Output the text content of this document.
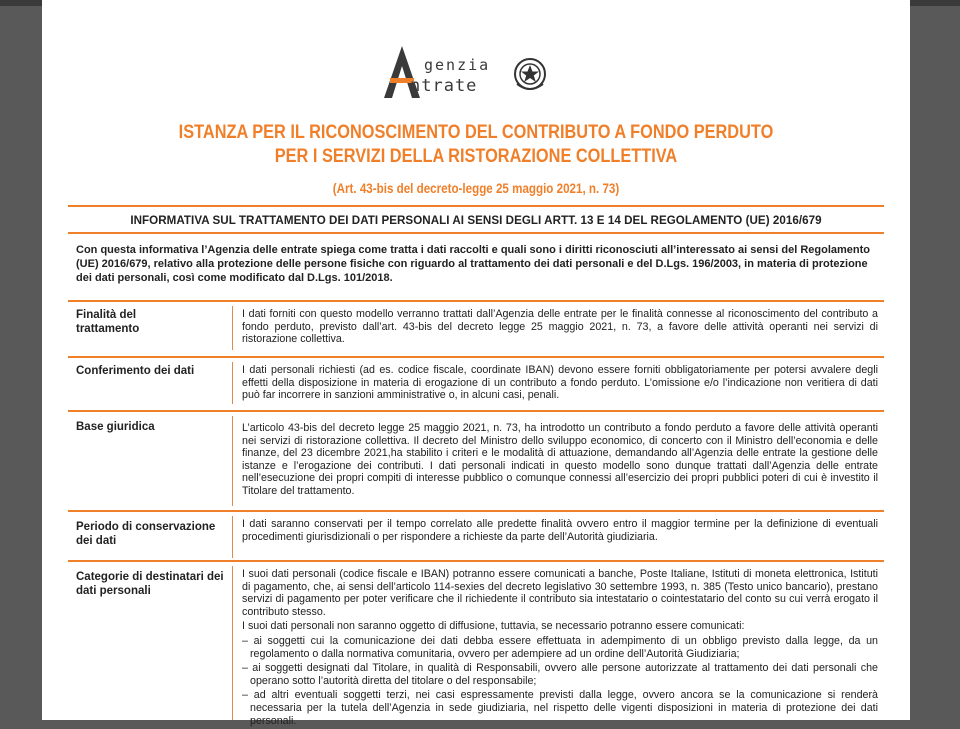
genzia
ntrate
ISTANZA PER IL RICONOSCIMENTO DEL CONTRIBUTO A FONDO PERDUTO
PER I SERVIZI DELLA RISTORAZIONE COLLETTIVA
(Art. 43-bis del decreto-legge 25 maggio 2021, n. 73)
INFORMATIVA SUL TRATTAMENTO DEI DATI PERSONALI AI SENSI DEGLI ARTT. 13 E 14 DEL REGOLAMENTO (UE) 2016/679
Con questa informativa l’Agenzia delle entrate spiega come tratta i dati raccolti e quali sono i diritti riconosciuti all’interessato ai sensi del Regolamento (UE) 2016/679, relativo alla protezione delle persone fisiche con riguardo al trattamento dei dati personali e del D.Lgs. 196/2003, in materia di protezione dei dati personali, così come modificato dal D.Lgs. 101/2018.
Finalità del trattamento
I dati forniti con questo modello verranno trattati dall’Agenzia delle entrate per le finalità connesse al riconoscimento del contributo a fondo perduto, previsto dall’art. 43-bis del decreto legge 25 maggio 2021, n. 73, a favore delle attività operanti nei servizi di ristorazione collettiva.
Conferimento dei dati	I dati personali richiesti (ad es. codice fiscale, coordinate IBAN) devono essere forniti obbligatoriamente per potersi avvalere degli effetti della disposizione in materia di erogazione di un contributo a fondo perduto. L’omissione e/o l’indicazione non veritiera di dati può far incorrere in sanzioni amministrative o, in alcuni casi, penali.
Base giuridica	L’articolo 43-bis del decreto legge 25 maggio 2021, n. 73, ha introdotto un contributo a fondo perduto a favore delle attività operanti nei servizi di ristorazione collettiva. Il decreto del Ministro dello sviluppo economico, di concerto con il Ministro dell’economia e delle finanze, del 23 dicembre 2021,ha stabilito i criteri e le modalità di attuazione, demandando all’Agenzia delle entrate la gestione delle istanze e l’erogazione dei contributi. I dati personali indicati in questo modello sono dunque trattati dall’Agenzia delle entrate nell’esecuzione dei propri compiti di interesse pubblico o comunque connessi all’esercizio dei propri pubblici poteri di cui è investito il Titolare del trattamento.
Periodo di conservazione dei dati
I dati saranno conservati per il tempo correlato alle predette finalità ovvero entro il maggior termine per la definizione di eventuali procedimenti giurisdizionali o per rispondere a richieste da parte dell’Autorità giudiziaria.
Categorie di destinatari dei dati personali

I suoi dati personali (codice fiscale e IBAN) potranno essere comunicati a banche, Poste Italiane, Istituti di moneta elettronica, Istituti di pagamento, che, ai sensi dell’articolo 114-sexies del decreto legislativo 30 settembre 1993, n. 385 (Testo unico bancario), prestano servizi di pagamento per poter verificare che il richiedente il contributo sia intestatario o cointestatario del conto su cui verrà erogato il contributo stesso.

I suoi dati personali non saranno oggetto di diffusione, tuttavia, se necessario potranno essere comunicati:

– ai soggetti cui la comunicazione dei dati debba essere effettuata in adempimento di un obbligo previsto dalla legge, da un regolamento o dalla normativa comunitaria, ovvero per adempiere ad un ordine dell’Autorità Giudiziaria;

– ai soggetti designati dal Titolare, in qualità di Responsabili, ovvero alle persone autorizzate al trattamento dei dati personali che operano sotto l’autorità diretta del titolare o del responsabile;

– ad altri eventuali soggetti terzi, nei casi espressamente previsti dalla legge, ovvero ancora se la comunicazione si renderà necessaria per la tutela dell’Agenzia in sede giudiziaria, nel rispetto delle vigenti disposizioni in materia di protezione dei dati personali.
